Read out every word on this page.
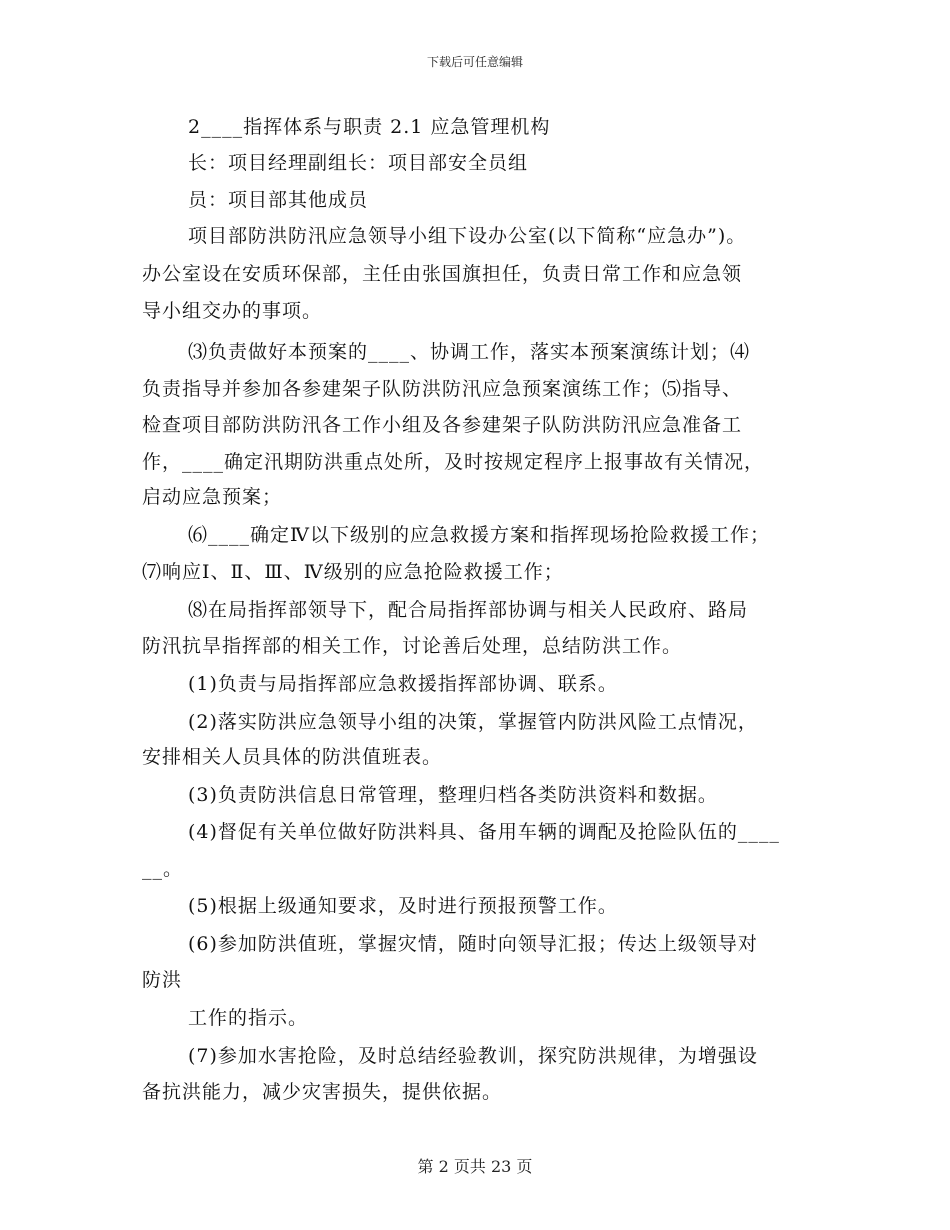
下载后可任意编辑
2____指挥体系与职责 2.1 应急管理机构
长：项目经理副组长：项目部安全员组
员：项目部其他成员
项目部防洪防汛应急领导小组下设办公室(以下简称“应急办”)。
办公室设在安质环保部，主任由张国旗担任，负责日常工作和应急领
导小组交办的事项。
⑶负责做好本预案的____、协调工作，落实本预案演练计划；⑷
负责指导并参加各参建架子队防洪防汛应急预案演练工作；⑸指导、
检查项目部防洪防汛各工作小组及各参建架子队防洪防汛应急准备工
作，____确定汛期防洪重点处所，及时按规定程序上报事故有关情况，
启动应急预案；
⑹____确定Ⅳ以下级别的应急救援方案和指挥现场抢险救援工作；
⑺响应Ⅰ、Ⅱ、Ⅲ、Ⅳ级别的应急抢险救援工作；
⑻在局指挥部领导下，配合局指挥部协调与相关人民政府、路局
防汛抗旱指挥部的相关工作，讨论善后处理，总结防洪工作。
(1)负责与局指挥部应急救援指挥部协调、联系。
(2)落实防洪应急领导小组的决策，掌握管内防洪风险工点情况，
安排相关人员具体的防洪值班表。
(3)负责防洪信息日常管理，整理归档各类防洪资料和数据。
(4)督促有关单位做好防洪料具、备用车辆的调配及抢险队伍的____
__。
(5)根据上级通知要求，及时进行预报预警工作。
(6)参加防洪值班，掌握灾情，随时向领导汇报；传达上级领导对
防洪
工作的指示。
(7)参加水害抢险，及时总结经验教训，探究防洪规律，为增强设
备抗洪能力，减少灾害损失，提供依据。
第 2 页共 23 页
